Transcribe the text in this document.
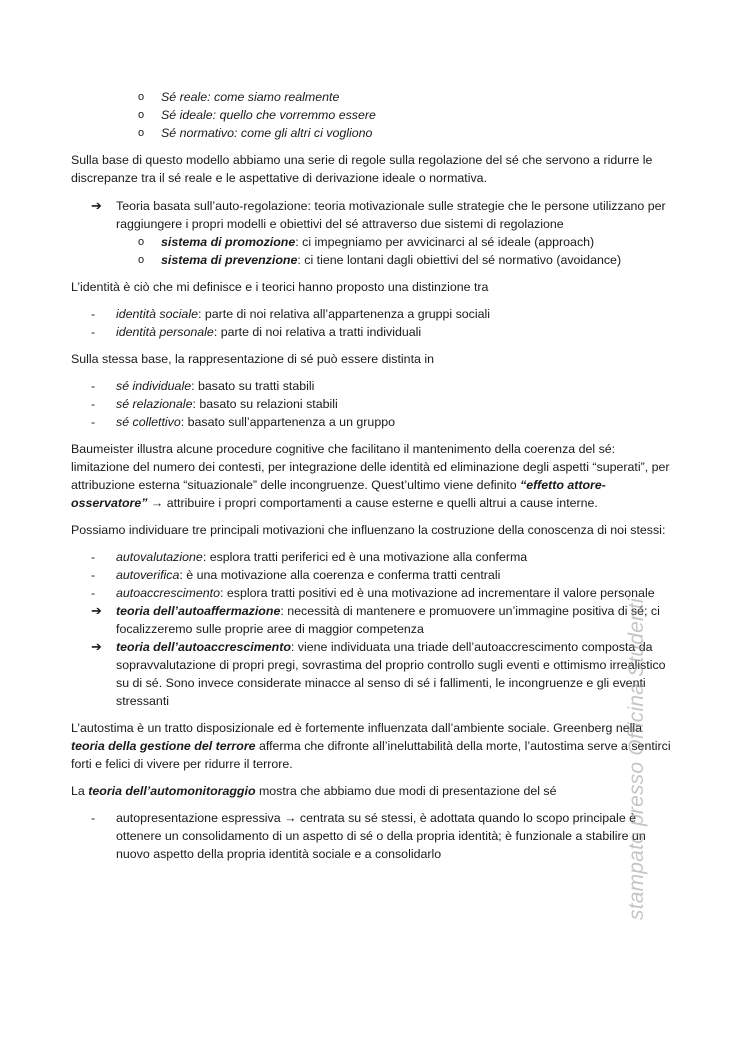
o Sé reale: come siamo realmente
o Sé ideale: quello che vorremmo essere
o Sé normativo: come gli altri ci vogliono

Sulla base di questo modello abbiamo una serie di regole sulla regolazione del sé che servono a ridurre le discrepanze tra il sé reale e le aspettative di derivazione ideale o normativa.

➔ Teoria basata sull’auto-regolazione: teoria motivazionale sulle strategie che le persone utilizzano per raggiungere i propri modelli e obiettivi del sé attraverso due sistemi di regolazione
o sistema di promozione: ci impegniamo per avvicinarci al sé ideale (approach)
o sistema di prevenzione: ci tiene lontani dagli obiettivi del sé normativo (avoidance)

L’identità è ciò che mi definisce e i teorici hanno proposto una distinzione tra

- identità sociale: parte di noi relativa all’appartenenza a gruppi sociali
- identità personale: parte di noi relativa a tratti individuali

Sulla stessa base, la rappresentazione di sé può essere distinta in

- sé individuale: basato su tratti stabili
- sé relazionale: basato su relazioni stabili
- sé collettivo: basato sull’appartenenza a un gruppo

Baumeister illustra alcune procedure cognitive che facilitano il mantenimento della coerenza del sé: limitazione del numero dei contesti, per integrazione delle identità ed eliminazione degli aspetti “superati”, per attribuzione esterna “situazionale” delle incongruenze. Quest’ultimo viene definito “effetto attore-osservatore” → attribuire i propri comportamenti a cause esterne e quelli altrui a cause interne.

Possiamo individuare tre principali motivazioni che influenzano la costruzione della conoscenza di noi stessi:

- autovalutazione: esplora tratti periferici ed è una motivazione alla conferma
- autoverifica: è una motivazione alla coerenza e conferma tratti centrali
- autoaccrescimento: esplora tratti positivi ed è una motivazione ad incrementare il valore personale
➔ teoria dell’autoaffermazione: necessità di mantenere e promuovere un’immagine positiva di sé; ci focalizzeremo sulle proprie aree di maggior competenza
➔ teoria dell’autoaccrescimento: viene individuata una triade dell’autoaccrescimento composta da sopravvalutazione di propri pregi, sovrastima del proprio controllo sugli eventi e ottimismo irrealistico su di sé. Sono invece considerate minacce al senso di sé i fallimenti, le incongruenze e gli eventi stressanti

L’autostima è un tratto disposizionale ed è fortemente influenzata dall’ambiente sociale. Greenberg nella teoria della gestione del terrore afferma che difronte all’ineluttabilità della morte, l’autostima serve a sentirci forti e felici di vivere per ridurre il terrore.

La teoria dell’automonitoraggio mostra che abbiamo due modi di presentazione del sé

- autopresentazione espressiva → centrata su sé stessi, è adottata quando lo scopo principale è ottenere un consolidamento di un aspetto di sé o della propria identità; è funzionale a stabilire un nuovo aspetto della propria identità sociale e a consolidarlo	stampato presso Officina Studenti
